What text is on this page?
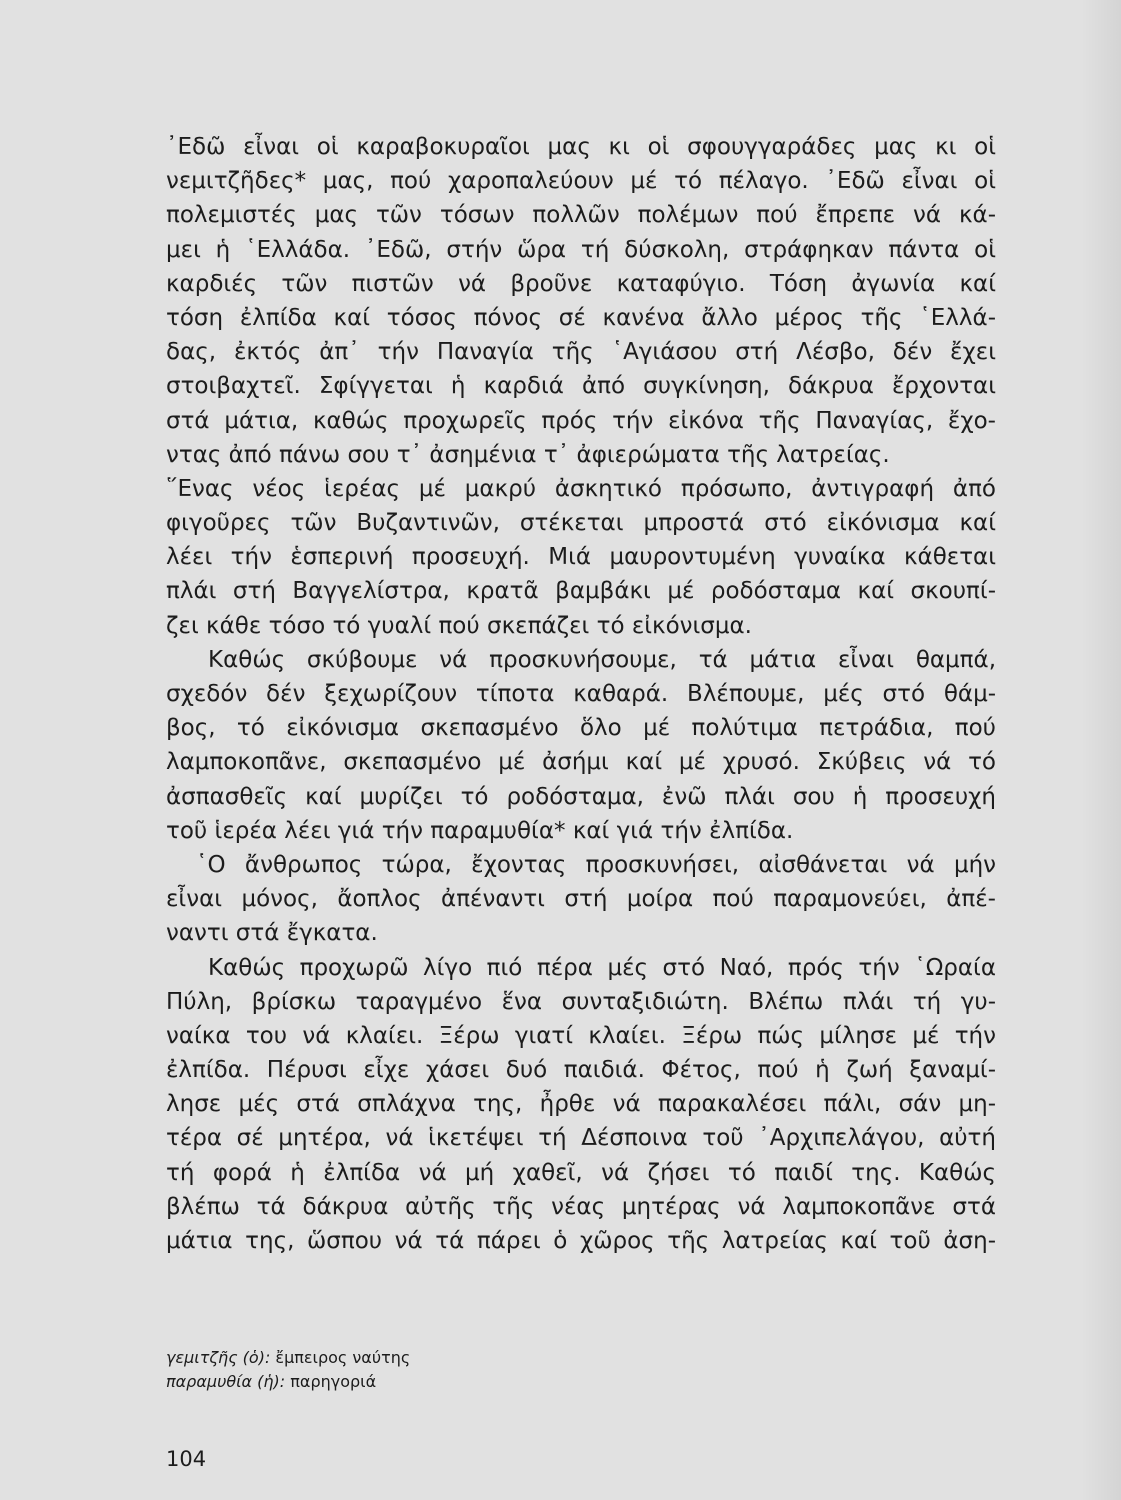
᾿Εδῶ εἶναι οἱ καραβοκυραῖοι μας κι οἱ σφουγγαράδες μας κι οἱ
νεμιτζῆδες* μας, πού χαροπαλεύουν μέ τό πέλαγο. ᾿Εδῶ εἶναι οἱ
πολεμιστές μας τῶν τόσων πολλῶν πολέμων πού ἔπρεπε νά κά-
μει ἡ ῾Ελλάδα. ᾿Εδῶ, στήν ὥρα τή δύσκολη, στράφηκαν πάντα οἱ
καρδιές τῶν πιστῶν νά βροῦνε καταφύγιο. Τόση ἀγωνία καί
τόση ἐλπίδα καί τόσος πόνος σέ κανένα ἄλλο μέρος τῆς ῾Ελλά-
δας, ἐκτός ἀπ᾿ τήν Παναγία τῆς ῾Αγιάσου στή Λέσβο, δέν ἔχει
στοιβαχτεῖ. Σφίγγεται ἡ καρδιά ἀπό συγκίνηση, δάκρυα ἔρχονται
στά μάτια, καθώς προχωρεῖς πρός τήν εἰκόνα τῆς Παναγίας, ἔχο-
ντας ἀπό πάνω σου τ᾿ ἀσημένια τ᾿ ἀφιερώματα τῆς λατρείας.
῞Ενας νέος ἱερέας μέ μακρύ ἀσκητικό πρόσωπο, ἀντιγραφή ἀπό
φιγοῦρες τῶν Βυζαντινῶν, στέκεται μπροστά στό εἰκόνισμα καί
λέει τήν ἑσπερινή προσευχή. Μιά μαυροντυμένη γυναίκα κάθεται
πλάι στή Βαγγελίστρα, κρατᾶ βαμβάκι μέ ροδόσταμα καί σκουπί-
ζει κάθε τόσο τό γυαλί πού σκεπάζει τό εἰκόνισμα.
Καθώς σκύβουμε νά προσκυνήσουμε, τά μάτια εἶναι θαμπά,
σχεδόν δέν ξεχωρίζουν τίποτα καθαρά. Βλέπουμε, μές στό θάμ-
βος, τό εἰκόνισμα σκεπασμένο ὅλο μέ πολύτιμα πετράδια, πού
λαμποκοπᾶνε, σκεπασμένο μέ ἀσήμι καί μέ χρυσό. Σκύβεις νά τό
ἀσπασθεῖς καί μυρίζει τό ροδόσταμα, ἐνῶ πλάι σου ἡ προσευχή
τοῦ ἱερέα λέει γιά τήν παραμυθία* καί γιά τήν ἐλπίδα.
῾Ο ἄνθρωπος τώρα, ἔχοντας προσκυνήσει, αἰσθάνεται νά μήν
εἶναι μόνος, ἄοπλος ἀπέναντι στή μοίρα πού παραμονεύει, ἀπέ-
ναντι στά ἔγκατα.
Καθώς προχωρῶ λίγο πιό πέρα μές στό Ναό, πρός τήν ῾Ωραία
Πύλη, βρίσκω ταραγμένο ἕνα συνταξιδιώτη. Βλέπω πλάι τή γυ-
ναίκα του νά κλαίει. Ξέρω γιατί κλαίει. Ξέρω πώς μίλησε μέ τήν
ἐλπίδα. Πέρυσι εἶχε χάσει δυό παιδιά. Φέτος, πού ἡ ζωή ξαναμί-
λησε μές στά σπλάχνα της, ἦρθε νά παρακαλέσει πάλι, σάν μη-
τέρα σέ μητέρα, νά ἱκετέψει τή Δέσποινα τοῦ ᾿Αρχιπελάγου, αὐτή
τή φορά ἡ ἐλπίδα νά μή χαθεῖ, νά ζήσει τό παιδί της. Καθώς
βλέπω τά δάκρυα αὐτῆς τῆς νέας μητέρας νά λαμποκοπᾶνε στά
μάτια της, ὥσπου νά τά πάρει ὁ χῶρος τῆς λατρείας καί τοῦ ἀση-
γεμιτζῆς (ὁ): ἔμπειρος ναύτης
παραμυθία (ἡ): παρηγοριά
104
